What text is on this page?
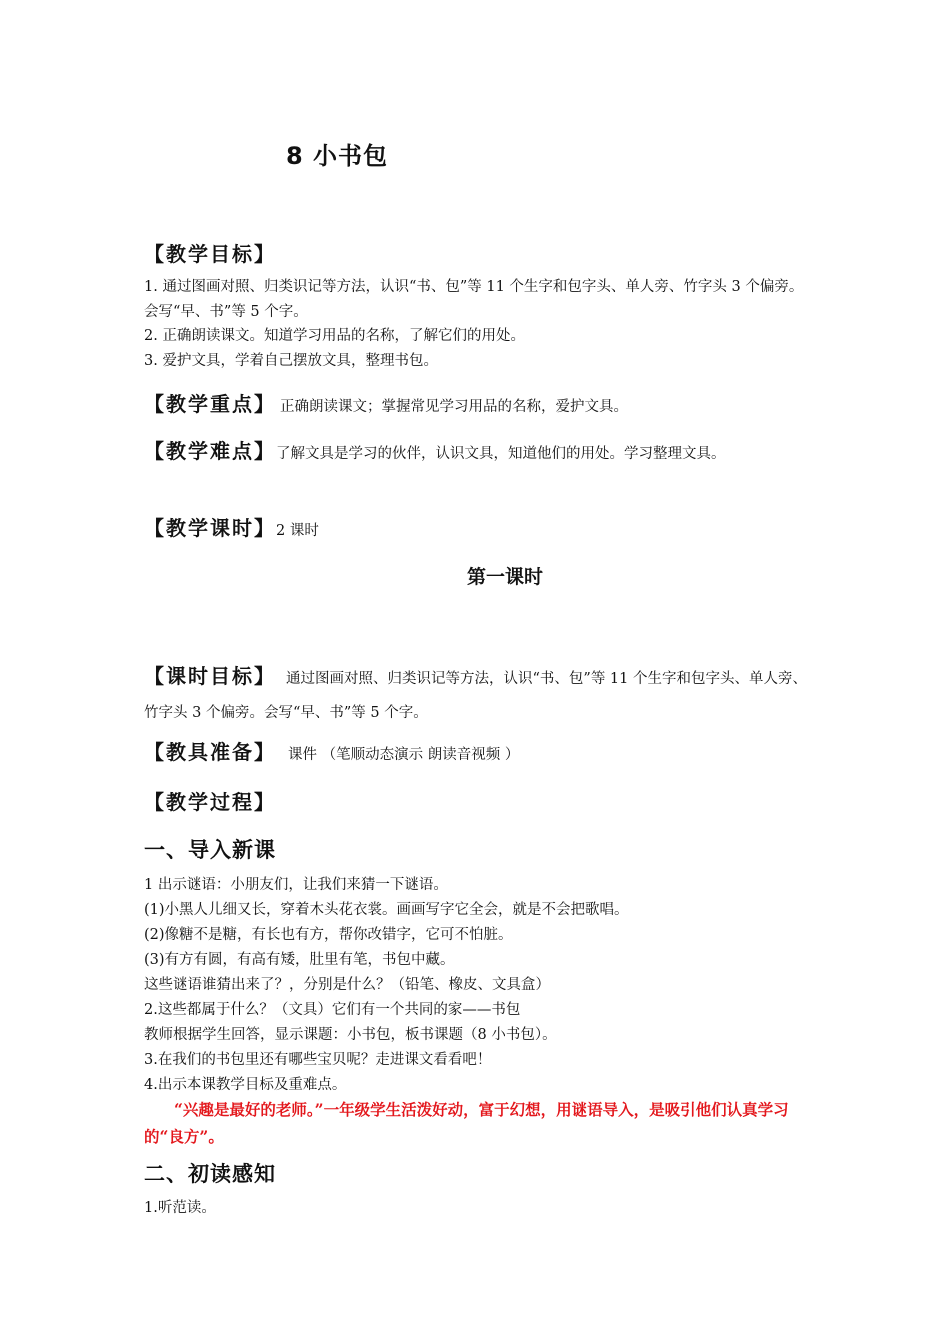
8 小书包
【教学目标】
1. 通过图画对照、归类识记等方法，认识“书、包”等 11 个生字和包字头、单人旁、竹字头 3 个偏旁。会写“早、书”等 5 个字。
2. 正确朗读课文。知道学习用品的名称，了解它们的用处。
3. 爱护文具，学着自己摆放文具，整理书包。
【教学重点】 正确朗读课文；掌握常见学习用品的名称，爱护文具。
【教学难点】了解文具是学习的伙伴，认识文具，知道他们的用处。学习整理文具。
【教学课时】2 课时
第一课时
【课时目标】 通过图画对照、归类识记等方法，认识“书、包”等 11 个生字和包字头、单人旁、竹字头 3 个偏旁。会写“早、书”等 5 个字。
【教具准备】 课件 （笔顺动态演示 朗读音视频 ）
【教学过程】
一、导入新课
1 出示谜语：小朋友们，让我们来猜一下谜语。
(1)小黑人儿细又长，穿着木头花衣裳。画画写字它全会，就是不会把歌唱。
(2)像糖不是糖，有长也有方，帮你改错字，它可不怕脏。
(3)有方有圆，有高有矮，肚里有笔，书包中藏。
这些谜语谁猜出来了？，分别是什么？（铅笔、橡皮、文具盒）
2.这些都属于什么？（文具）它们有一个共同的家——书包
教师根据学生回答，显示课题：小书包，板书课题（8 小书包）。
3.在我们的书包里还有哪些宝贝呢？走进课文看看吧！
4.出示本课教学目标及重难点。
“兴趣是最好的老师。”一年级学生活泼好动，富于幻想，用谜语导入，是吸引他们认真学习的“良方”。
二、初读感知
1.听范读。
